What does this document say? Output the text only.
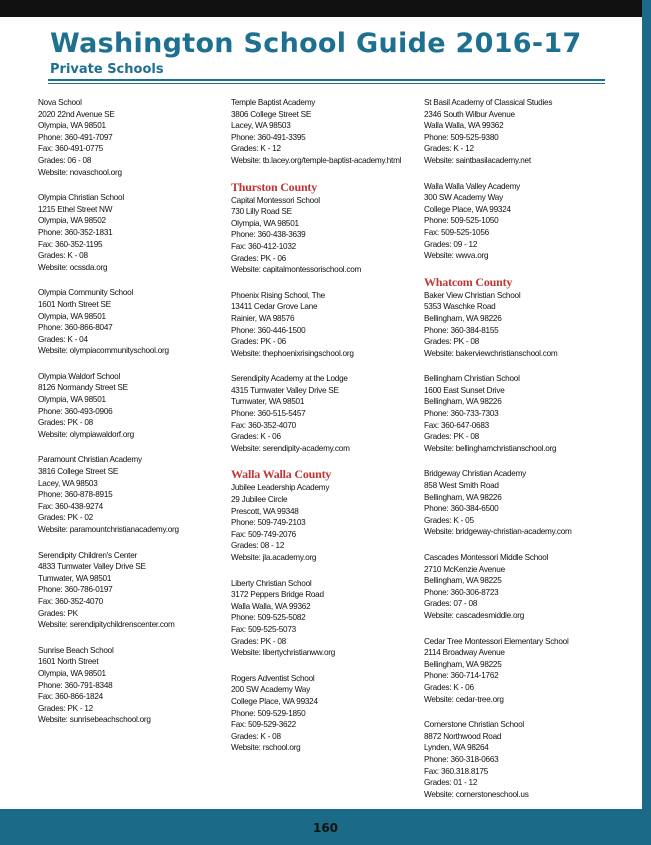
Washington School Guide 2016-17
Private Schools
Nova School
2020 22nd Avenue SE
Olympia, WA 98501
Phone: 360-491-7097
Fax: 360-491-0775
Grades: 06 - 08
Website: novaschool.org
Olympia Christian School
1215 Ethel Street NW
Olympia, WA 98502
Phone: 360-352-1831
Fax: 360-352-1195
Grades: K - 08
Website: ocssda.org
Olympia Community School
1601 North Street SE
Olympia, WA 98501
Phone: 360-866-8047
Grades: K - 04
Website: olympiacommunityschool.org
Olympia Waldorf School
8126 Normandy Street SE
Olympia, WA 98501
Phone: 360-493-0906
Grades: PK - 08
Website: olympiawaldorf.org
Paramount Christian Academy
3816 College Street SE
Lacey, WA 98503
Phone: 360-878-8915
Fax: 360-438-9274
Grades: PK - 02
Website: paramountchristianacademy.org
Serendipity Children's Center
4833 Tumwater Valley Drive SE
Tumwater, WA 98501
Phone: 360-786-0197
Fax: 360-352-4070
Grades: PK
Website: serendipitychildrenscenter.com
Sunrise Beach School
1601 North Street
Olympia, WA 98501
Phone: 360-791-8348
Fax: 360-866-1824
Grades: PK - 12
Website: sunrisebeachschool.org
Temple Baptist Academy
3806 College Street SE
Lacey, WA 98503
Phone: 360-491-3395
Grades: K - 12
Website: tb.lacey.org/temple-baptist-academy.html
Thurston County
Capital Montessori School
730 Lilly Road SE
Olympia, WA 98501
Phone: 360-438-3639
Fax: 360-412-1032
Grades: PK - 06
Website: capitalmontessorischool.com
Phoenix Rising School, The
13411 Cedar Grove Lane
Rainier, WA 98576
Phone: 360-446-1500
Grades: PK - 06
Website: thephoenixrisingschool.org
Serendipity Academy at the Lodge
4315 Tumwater Valley Drive SE
Tumwater, WA 98501
Phone: 360-515-5457
Fax: 360-352-4070
Grades: K - 06
Website: serendipity-academy.com
Walla Walla County
Jubilee Leadership Academy
29 Jubilee Circle
Prescott, WA 99348
Phone: 509-749-2103
Fax: 509-749-2076
Grades: 08 - 12
Website: jla.academy.org
Liberty Christian School
3172 Peppers Bridge Road
Walla Walla, WA 99362
Phone: 509-525-5082
Fax: 509-525-5073
Grades: PK - 08
Website: libertychristianww.org
Rogers Adventist School
200 SW Academy Way
College Place, WA 99324
Phone: 509-529-1850
Fax: 509-529-3622
Grades: K - 08
Website: rschool.org
St Basil Academy of Classical Studies
2346 South Wilbur Avenue
Walla Walla, WA 99362
Phone: 509-525-9380
Grades: K - 12
Website: saintbasilacademy.net
Walla Walla Valley Academy
300 SW Academy Way
College Place, WA 99324
Phone: 509-525-1050
Fax: 509-525-1056
Grades: 09 - 12
Website: wwva.org
Whatcom County
Baker View Christian School
5353 Waschke Road
Bellingham, WA 98226
Phone: 360-384-8155
Grades: PK - 08
Website: bakerviewchristianschool.com
Bellingham Christian School
1600 East Sunset Drive
Bellingham, WA 98226
Phone: 360-733-7303
Fax: 360-647-0683
Grades: PK - 08
Website: bellinghamchristianschool.org
Bridgeway Christian Academy
858 West Smith Road
Bellingham, WA 98226
Phone: 360-384-6500
Grades: K - 05
Website: bridgeway-christian-academy.com
Cascades Montessori Middle School
2710 McKenzie Avenue
Bellingham, WA 98225
Phone: 360-306-8723
Grades: 07 - 08
Website: cascadesmiddle.org
Cedar Tree Montessori Elementary School
2114 Broadway Avenue
Bellingham, WA 98225
Phone: 360-714-1762
Grades: K - 06
Website: cedar-tree.org
Cornerstone Christian School
8872 Northwood Road
Lynden, WA 98264
Phone: 360-318-0663
Fax: 360.318.8175
Grades: 01 - 12
Website: cornerstoneschool.us
160
